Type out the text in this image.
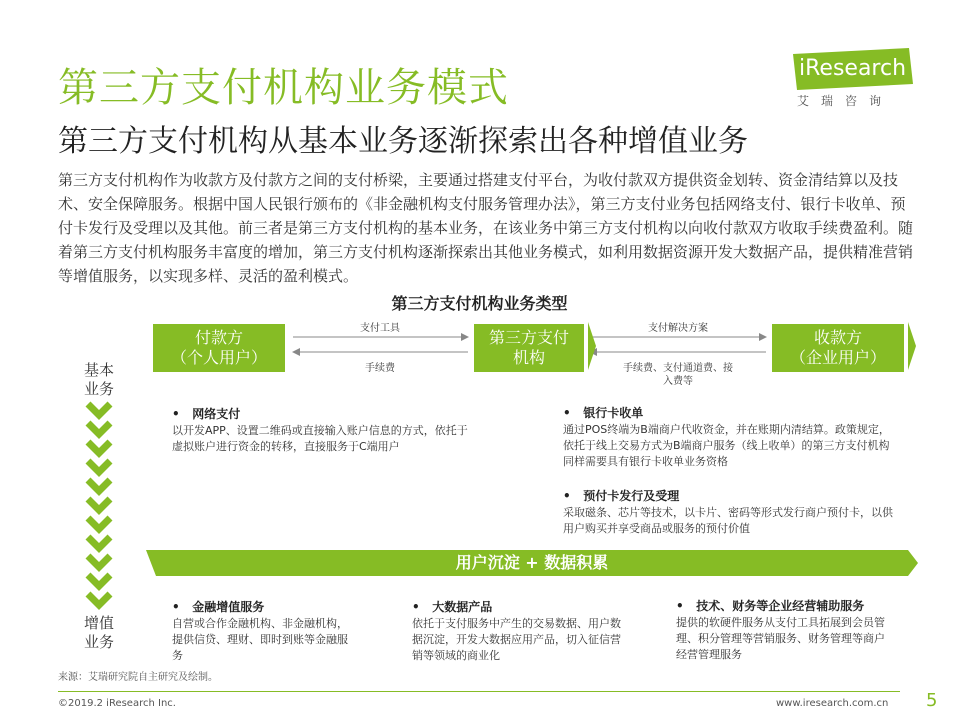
第三方支付机构业务模式
第三方支付机构从基本业务逐渐探索出各种增值业务
iResearch
艾瑞咨询

第三方支付机构作为收款方及付款方之间的支付桥梁，主要通过搭建支付平台，为收付款双方提供资金划转、资金清结算以及技术、安全保障服务。根据中国人民银行颁布的《非金融机构支付服务管理办法》，第三方支付业务包括网络支付、银行卡收单、预付卡发行及受理以及其他。前三者是第三方支付机构的基本业务，在该业务中第三方支付机构以向收付款双方收取手续费盈利。随着第三方支付机构服务丰富度的增加，第三方支付机构逐渐探索出其他业务模式，如利用数据资源开发大数据产品，提供精准营销等增值服务，以实现多样、灵活的盈利模式。

第三方支付机构业务类型
付款方
（个人用户）
第三方支付
机构
收款方
（企业用户）
支付工具
手续费
支付解决方案
手续费、支付通道费、接
入费等
基本
业务
增值
业务
•   网络支付

以开发APP、设置二维码或直接输入账户信息的方式，依托于虚拟账户进行资金的转移，直接服务于C端用户

•   银行卡收单

通过POS终端为B端商户代收资金，并在账期内清结算。政策规定，依托于线上交易方式为B端商户服务（线上收单）的第三方支付机构同样需要具有银行卡收单业务资格

•   预付卡发行及受理

采取磁条、芯片等技术，以卡片、密码等形式发行商户预付卡，以供用户购买并享受商品或服务的预付价值

用户沉淀 + 数据积累
•   金融增值服务

自营或合作金融机构、非金融机构，提供信贷、理财、即时到账等金融服务

•   大数据产品

依托于支付服务中产生的交易数据、用户数据沉淀，开发大数据应用产品，切入征信营销等领域的商业化

•   技术、财务等企业经营辅助服务

提供的软硬件服务从支付工具拓展到会员管理、积分管理等营销服务、财务管理等商户经营管理服务

来源：艾瑞研究院自主研究及绘制。
©2019.2 iResearch Inc.	www.iresearch.com.cn 5
